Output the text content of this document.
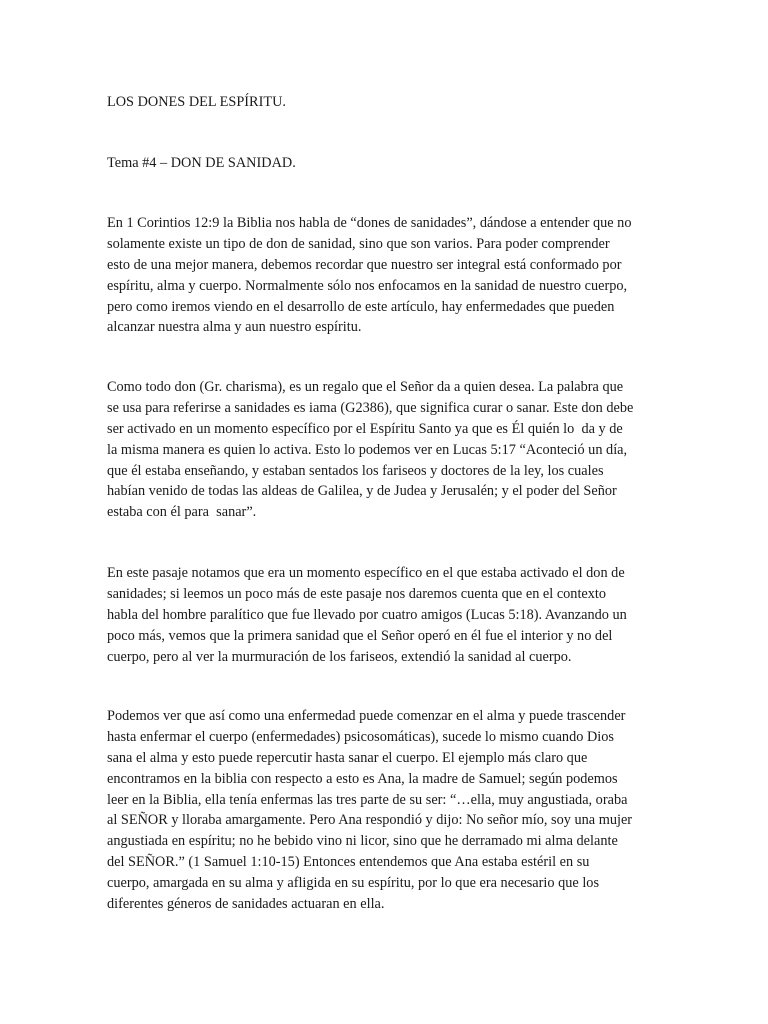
LOS DONES DEL ESPÍRITU.
Tema #4 – DON DE SANIDAD.
En 1 Corintios 12:9 la Biblia nos habla de “dones de sanidades”, dándose a entender que no
solamente existe un tipo de don de sanidad, sino que son varios. Para poder comprender
esto de una mejor manera, debemos recordar que nuestro ser integral está conformado por
espíritu, alma y cuerpo. Normalmente sólo nos enfocamos en la sanidad de nuestro cuerpo,
pero como iremos viendo en el desarrollo de este artículo, hay enfermedades que pueden
alcanzar nuestra alma y aun nuestro espíritu.
Como todo don (Gr. charisma), es un regalo que el Señor da a quien desea. La palabra que
se usa para referirse a sanidades es iama (G2386), que significa curar o sanar. Este don debe
ser activado en un momento específico por el Espíritu Santo ya que es Él quién lo  da y de
la misma manera es quien lo activa. Esto lo podemos ver en Lucas 5:17 “Aconteció un día,
que él estaba enseñando, y estaban sentados los fariseos y doctores de la ley, los cuales
habían venido de todas las aldeas de Galilea, y de Judea y Jerusalén; y el poder del Señor
estaba con él para  sanar”.
En este pasaje notamos que era un momento específico en el que estaba activado el don de
sanidades; si leemos un poco más de este pasaje nos daremos cuenta que en el contexto
habla del hombre paralítico que fue llevado por cuatro amigos (Lucas 5:18). Avanzando un
poco más, vemos que la primera sanidad que el Señor operó en él fue el interior y no del
cuerpo, pero al ver la murmuración de los fariseos, extendió la sanidad al cuerpo.
Podemos ver que así como una enfermedad puede comenzar en el alma y puede trascender
hasta enfermar el cuerpo (enfermedades) psicosomáticas), sucede lo mismo cuando Dios
sana el alma y esto puede repercutir hasta sanar el cuerpo. El ejemplo más claro que
encontramos en la biblia con respecto a esto es Ana, la madre de Samuel; según podemos
leer en la Biblia, ella tenía enfermas las tres parte de su ser: “…ella, muy angustiada, oraba
al SEÑOR y lloraba amargamente. Pero Ana respondió y dijo: No señor mío, soy una mujer
angustiada en espíritu; no he bebido vino ni licor, sino que he derramado mi alma delante
del SEÑOR.” (1 Samuel 1:10-15) Entonces entendemos que Ana estaba estéril en su
cuerpo, amargada en su alma y afligida en su espíritu, por lo que era necesario que los
diferentes géneros de sanidades actuaran en ella.
